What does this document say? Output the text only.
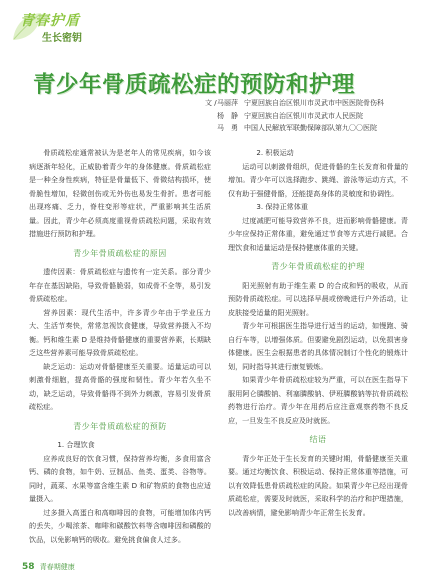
青春护盾
生长密钥
青少年骨质疏松症的预防和护理
文 / 马丽萍 宁夏回族自治区银川市灵武市中医医院骨伤科
杨　静 宁夏回族自治区银川市灵武市人民医院
马　勇 中国人民解放军联勤保障部队第九〇〇医院

骨质疏松症通常被认为是老年人的常见疾病，如今该病逐渐年轻化，正威胁着青少年的身体健康。骨质疏松症是一种全身性疾病，特征是骨量低下、骨微结构损坏，使骨脆性增加，轻微创伤或无外伤也易发生骨折。患者可能出现疼痛、乏力，脊柱变形等症状，严重影响其生活质量。因此，青少年必须高度重视骨质疏松问题，采取有效措施进行预防和护理。

青少年骨质疏松症的原因

遗传因素：骨质疏松症与遗传有一定关系。部分青少年存在基因缺陷，导致骨骼脆弱，如成骨不全等，易引发骨质疏松症。

营养因素：现代生活中，许多青少年由于学业压力大、生活节奏快，常常忽视饮食健康，导致营养摄入不均衡。钙和维生素 D 是维持骨骼健康的重要营养素，长期缺乏这些营养素可能导致骨质疏松症。

缺乏运动：运动对骨骼健康至关重要。适量运动可以刺激骨细胞，提高骨骼的强度和韧性。青少年若久坐不动，缺乏运动，导致骨骼得不到外力刺激，容易引发骨质疏松症。

青少年骨质疏松症的预防

1. 合理饮食

应养成良好的饮食习惯，保持营养均衡，多食用富含钙、磷的食物，如牛奶、豆制品、鱼类、蛋类、谷物等。同时，蔬菜、水果等富含维生素 D 和矿物质的食物也应适量摄入。

过多摄入高蛋白和高咖啡因的食物，可能增加体内钙的丢失，少喝浓茶、咖啡和碳酸饮料等含咖啡因和磷酸的饮品，以免影响钙的吸收。避免挑食偏食人过多。

2. 积极运动

运动可以刺激骨组织，促进骨骼的生长发育和骨量的增加。青少年可以选择跑步、跳绳、游泳等运动方式，不仅有助于强健骨骼，还能提高身体的灵敏度和协调性。

3. 保持正常体重

过度减肥可能导致营养不良，进而影响骨骼健康。青少年应保持正常体重，避免通过节食等方式进行减肥。合理饮食和适量运动是保持健康体重的关键。

青少年骨质疏松症的护理

阳光照射有助于维生素 D 的合成和钙的吸收，从而预防骨质疏松症。可以选择早晨或傍晚进行户外活动，让皮肤接受适量的阳光照射。

青少年可根据医生指导进行适当的运动，如慢跑、骑自行车等，以增强体质。但要避免剧烈运动，以免损害身体健康。医生会根据患者的具体情况制订个性化的锻炼计划，同时指导其进行康复锻炼。

如果青少年骨质疏松症较为严重，可以在医生指导下服用阿仑膦酸钠、利塞膦酸钠、伊班膦酸钠等抗骨质疏松药物进行治疗。青少年在用药后应注意观察药物不良反应，一旦发生不良反应及时就医。

结语

青少年正处于生长发育的关键时期，骨骼健康至关重要。通过均衡饮食、积极运动、保持正常体重等措施，可以有效降低患骨质疏松症的风险。如果青少年已经出现骨质疏松症，需要及时就医，采取科学的治疗和护理措施，以改善病情，避免影响青少年正常生长发育。

58 青春期健康
